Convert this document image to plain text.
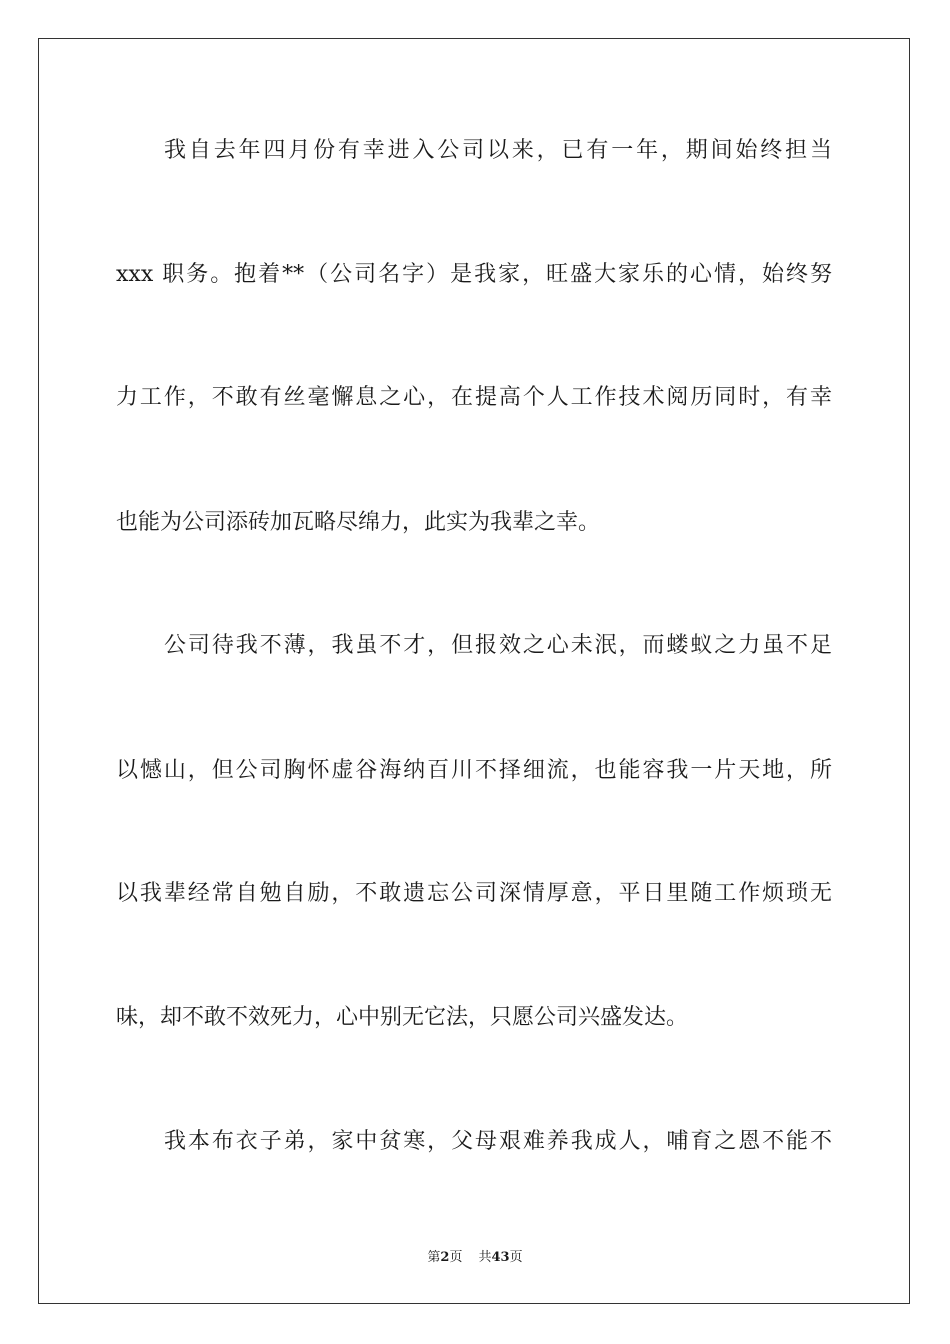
我自去年四月份有幸进入公司以来，已有一年，期间始终担当
xxx 职务。抱着**（公司名字）是我家，旺盛大家乐的心情，始终努
力工作，不敢有丝毫懈息之心，在提高个人工作技术阅历同时，有幸
也能为公司添砖加瓦略尽绵力，此实为我辈之幸。
公司待我不薄，我虽不才，但报效之心未泯，而蝼蚁之力虽不足
以憾山，但公司胸怀虚谷海纳百川不择细流，也能容我一片天地，所
以我辈经常自勉自励，不敢遗忘公司深情厚意，平日里随工作烦琐无
味，却不敢不效死力，心中别无它法，只愿公司兴盛发达。
我本布衣子弟，家中贫寒，父母艰难养我成人，哺育之恩不能不
第2页 共43页
